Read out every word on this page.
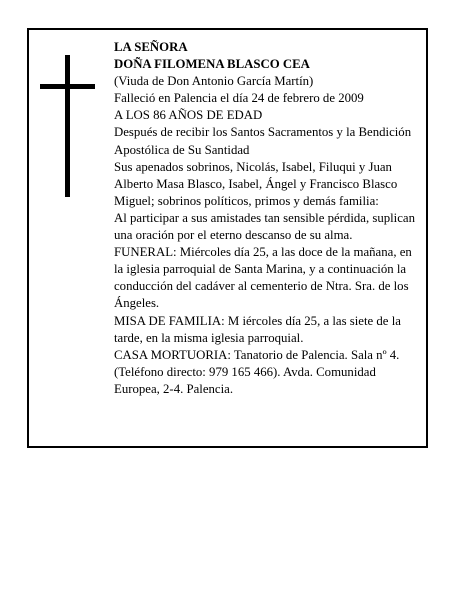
LA SEÑORA

DOÑA FILOMENA BLASCO CEA

(Viuda de Don Antonio García Martín)

Falleció en Palencia el día 24 de febrero de 2009

A LOS 86 AÑOS DE EDAD

Después de recibir los Santos Sacramentos y la Bendición Apostólica de Su Santidad

Sus apenados sobrinos, Nicolás, Isabel, Filuqui y Juan Alberto Masa Blasco, Isabel, Ángel y Francisco Blasco Miguel; sobrinos políticos, primos y demás familia:

Al participar a sus amistades tan sensible pérdida, suplican una oración por el eterno descanso de su alma.

FUNERAL: Miércoles día 25, a las doce de la mañana, en la iglesia parroquial de Santa Marina, y a continuación la conducción del cadáver al cementerio de Ntra. Sra. de los Ángeles.

MISA DE FAMILIA: M iércoles día 25, a las siete de la tarde, en la misma iglesia parroquial.

CASA MORTUORIA: Tanatorio de Palencia. Sala nº 4. (Teléfono directo: 979 165 466). Avda. Comunidad Europea, 2-4. Palencia.
